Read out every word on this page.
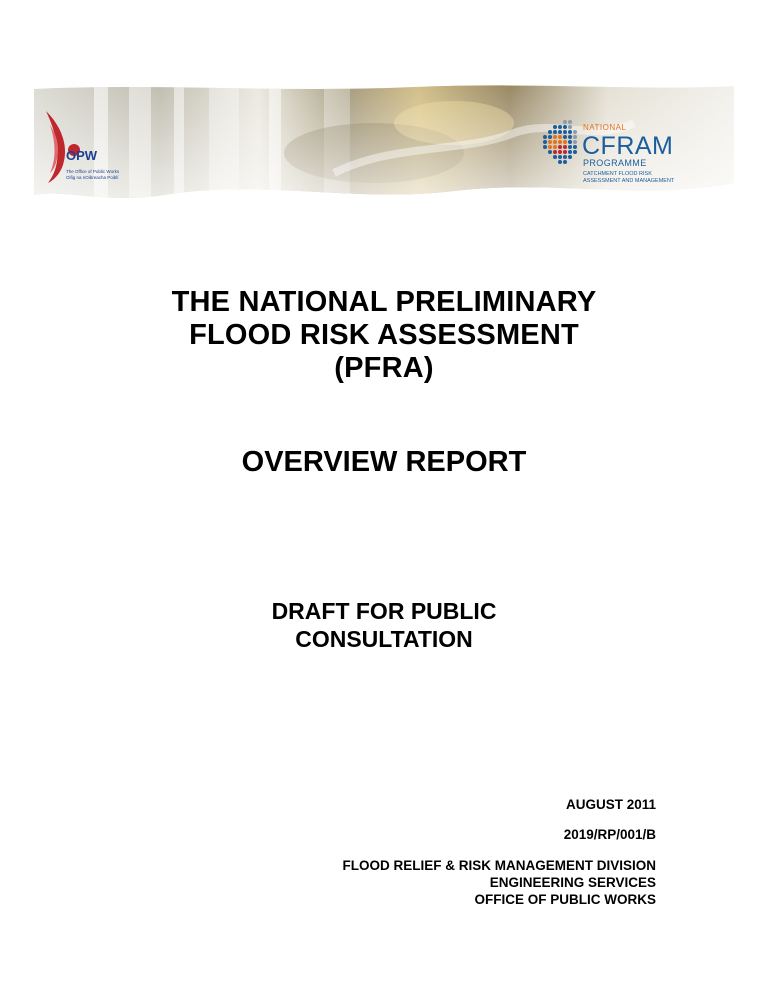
OPW
The Office of Public Works
Oifig na nOibreacha Poiblí
NATIONAL
CFRAM
PROGRAMME
CATCHMENT FLOOD RISK
ASSESSMENT AND MANAGEMENT
THE NATIONAL PRELIMINARY
FLOOD RISK ASSESSMENT
(PFRA)
OVERVIEW REPORT
DRAFT FOR PUBLIC
CONSULTATION
AUGUST 2011
2019/RP/001/B
FLOOD RELIEF & RISK MANAGEMENT DIVISION
ENGINEERING SERVICES
OFFICE OF PUBLIC WORKS
